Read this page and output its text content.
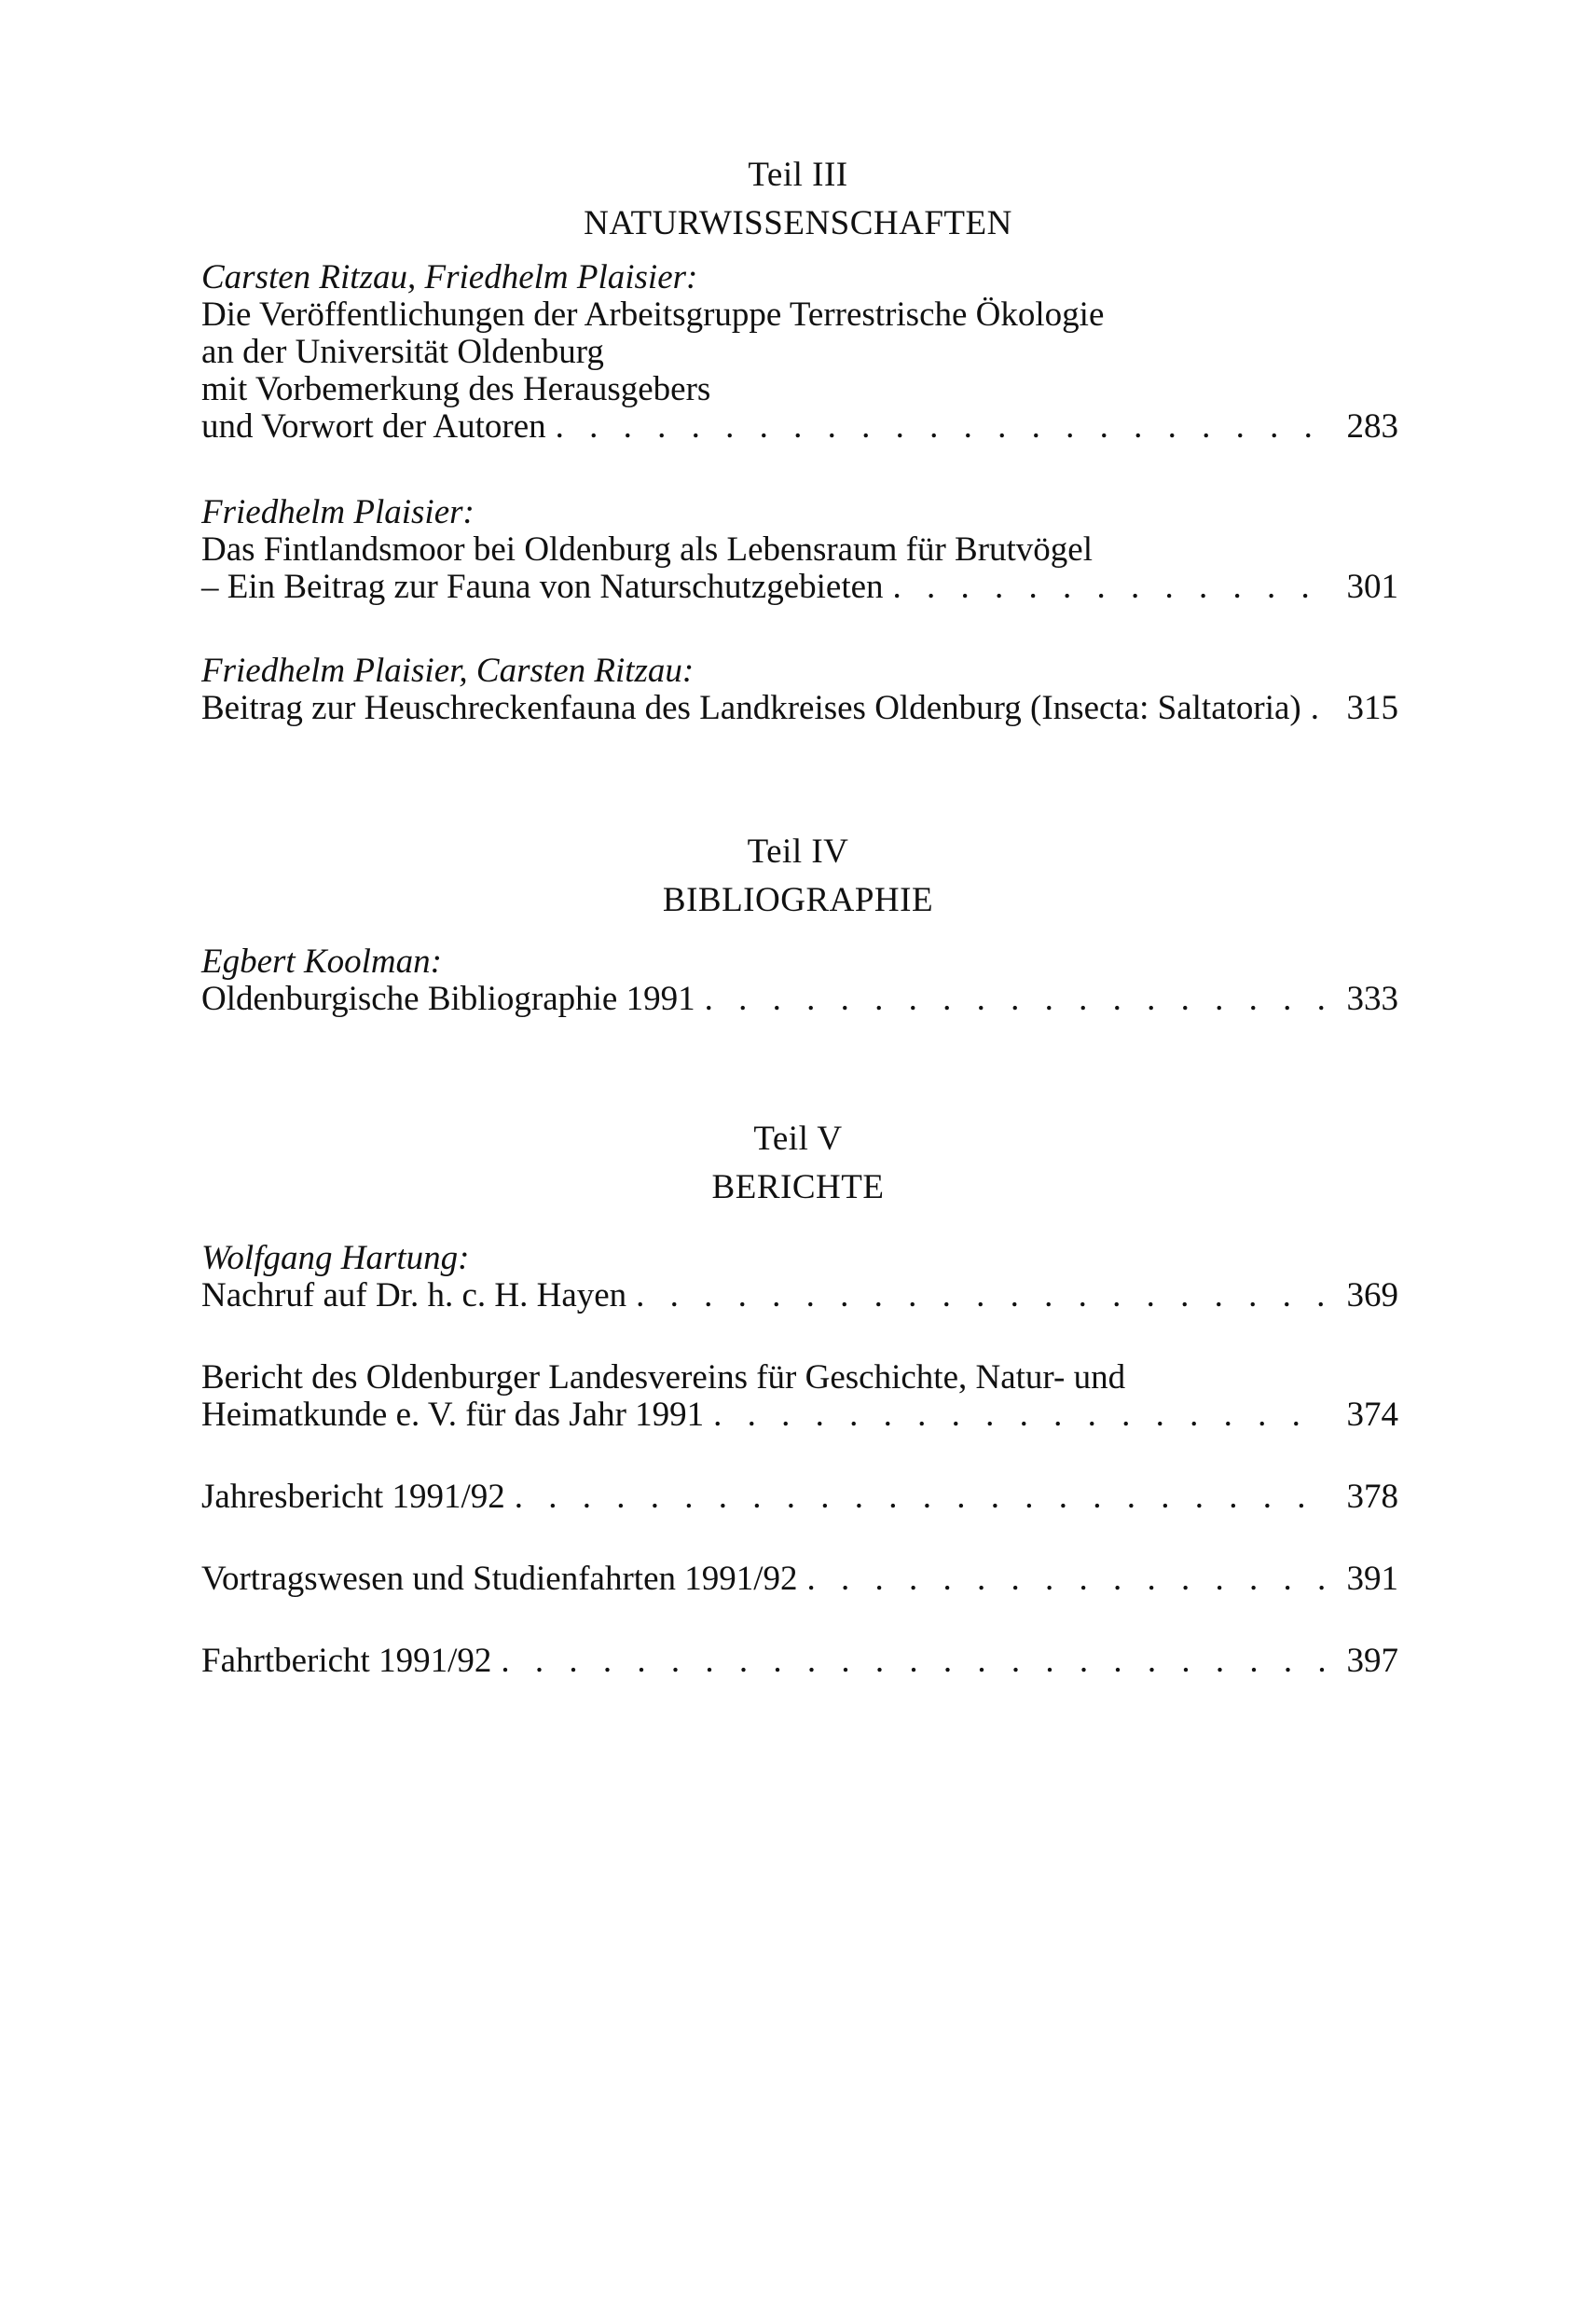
Teil III
NATURWISSENSCHAFTEN
Carsten Ritzau, Friedhelm Plaisier:
Die Veröffentlichungen der Arbeitsgruppe Terrestrische Ökologie
an der Universität Oldenburg
mit Vorbemerkung des Herausgebers
und Vorwort der Autoren . . .	283
Friedhelm Plaisier:
Das Fintlandsmoor bei Oldenburg als Lebensraum für Brutvögel
– Ein Beitrag zur Fauna von Naturschutzgebieten . . .	301
Friedhelm Plaisier, Carsten Ritzau:
Beitrag zur Heuschreckenfauna des Landkreises Oldenburg (Insecta: Saltatoria) . . . 315
Teil IV
BIBLIOGRAPHIE
Egbert Koolman:
Oldenburgische Bibliographie 1991 . . .	333
Teil V
BERICHTE
Wolfgang Hartung:
Nachruf auf Dr. h. c. H. Hayen . . .	369
Bericht des Oldenburger Landesvereins für Geschichte, Natur- und
Heimatkunde e. V. für das Jahr 1991 . . .	374
Jahresbericht 1991/92 . . .	378
Vortragswesen und Studienfahrten 1991/92 . . .	391
Fahrtbericht 1991/92 . . .	397
